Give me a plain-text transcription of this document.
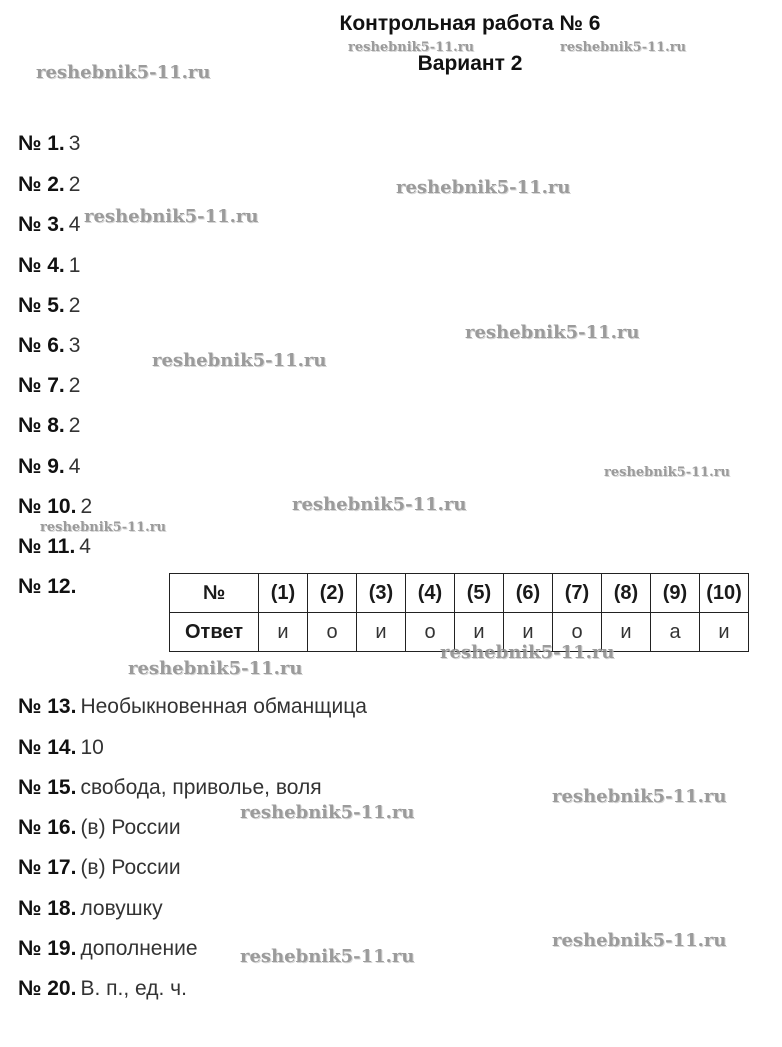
Контрольная работа № 6
Вариант 2
№ 1. 3
№ 2. 2
№ 3. 4
№ 4. 1
№ 5. 2
№ 6. 3
№ 7. 2
№ 8. 2
№ 9. 4
№ 10. 2
№ 11. 4
№ 12.	№	(1)	(2)	(3)	(4)	(5)	(6)	(7)	(8)	(9)	(10)
Ответ	и	о	и	о	и	и	о	и	а	и
№ 13. Необыкновенная обманщица
№ 14. 10
№ 15. свобода, приволье, воля
№ 16. (в) России
№ 17. (в) России
№ 18. ловушку
№ 19. дополнение
№ 20. В. п., ед. ч.
reshebnik5-11.ru	reshebnik5-11.ru
reshebnik5-11.ru
reshebnik5-11.ru
reshebnik5-11.ru
reshebnik5-11.ru
reshebnik5-11.ru
reshebnik5-11.ru
reshebnik5-11.ru
reshebnik5-11.ru
reshebnik5-11.ru
reshebnik5-11.ru
reshebnik5-11.ru
reshebnik5-11.ru
reshebnik5-11.ru
reshebnik5-11.ru
